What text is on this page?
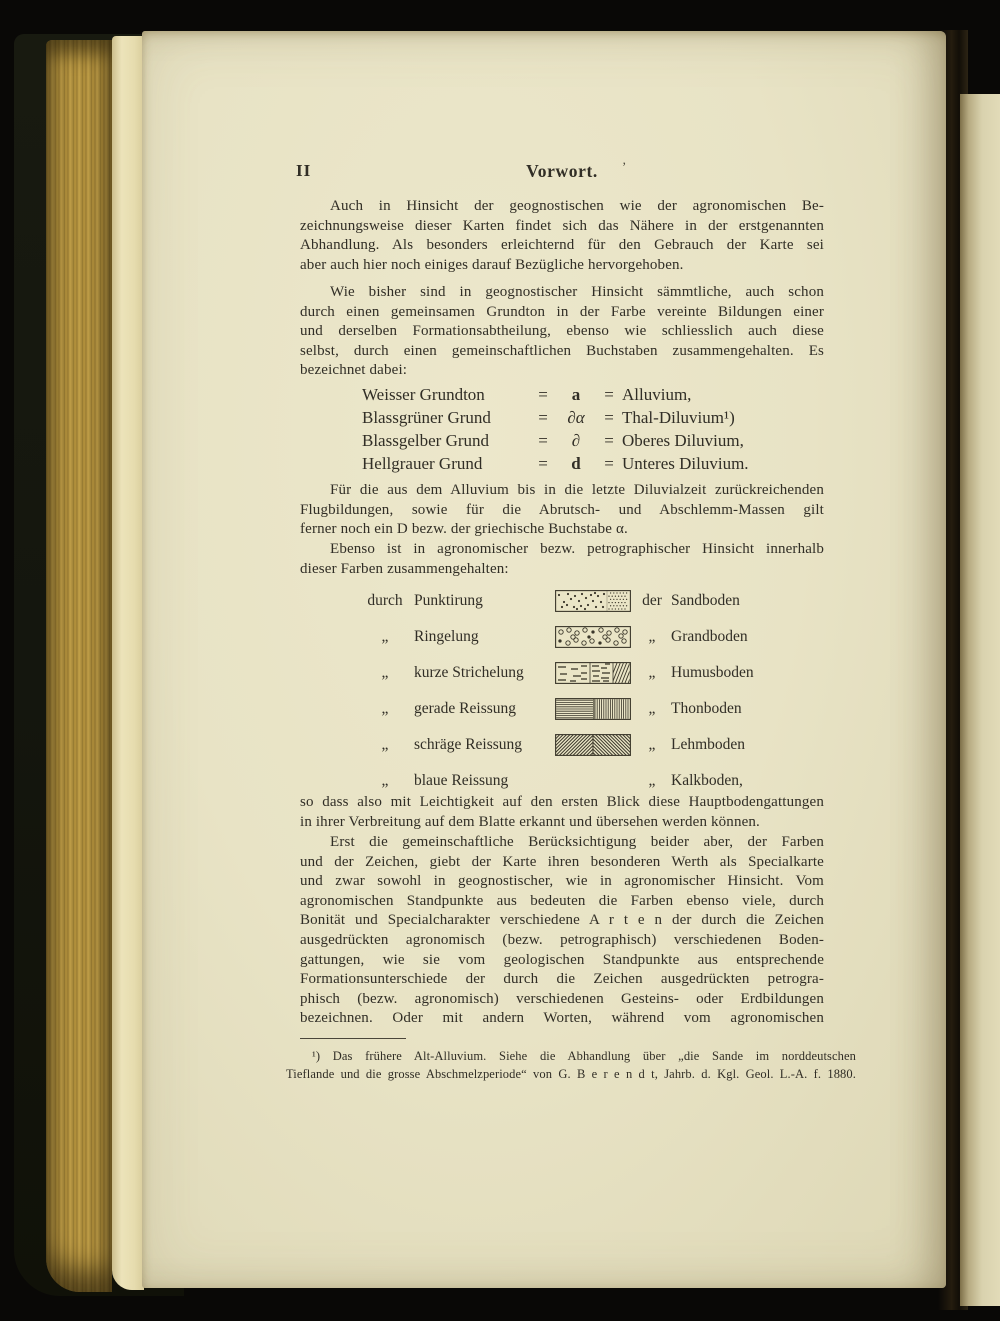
II	Vorwort.	’
Auch in Hinsicht der geognostischen wie der agronomischen Be-
zeichnungsweise dieser Karten findet sich das Nähere in der erstgenannten
Abhandlung. Als besonders erleichternd für den Gebrauch der Karte sei
aber auch hier noch einiges darauf Bezügliche hervorgehoben.
Wie bisher sind in geognostischer Hinsicht sämmtliche, auch schon
durch einen gemeinsamen Grundton in der Farbe vereinte Bildungen einer
und derselben Formationsabtheilung, ebenso wie schliesslich auch diese
selbst, durch einen gemeinschaftlichen Buchstaben zusammengehalten. Es
bezeichnet dabei:
Weisser Grundton	=	a	= Alluvium,
Blassgrüner Grund	=	∂α	= Thal-Diluvium¹)
Blassgelber Grund	=	∂	= Oberes Diluvium,
Hellgrauer Grund	=	d	= Unteres Diluvium.
Für die aus dem Alluvium bis in die letzte Diluvialzeit zurückreichenden
Flugbildungen, sowie für die Abrutsch- und Abschlemm-Massen gilt
ferner noch ein D bezw. der griechische Buchstabe α.
Ebenso ist in agronomischer bezw. petrographischer Hinsicht innerhalb
dieser Farben zusammengehalten:
durch Punktirung	der Sandboden
„	Ringelung	„	Grandboden
„	kurze Strichelung	„	Humusboden
„	gerade Reissung	„	Thonboden
„	schräge Reissung	„	Lehmboden
„	blaue Reissung	„	Kalkboden,
so dass also mit Leichtigkeit auf den ersten Blick diese Hauptbodengattungen
in ihrer Verbreitung auf dem Blatte erkannt und übersehen werden können.
Erst die gemeinschaftliche Berücksichtigung beider aber, der Farben
und der Zeichen, giebt der Karte ihren besonderen Werth als Specialkarte
und zwar sowohl in geognostischer, wie in agronomischer Hinsicht. Vom
agronomischen Standpunkte aus bedeuten die Farben ebenso viele, durch
Bonität und Specialcharakter verschiedene A r t e n der durch die Zeichen
ausgedrückten agronomisch (bezw. petrographisch) verschiedenen Boden-
gattungen, wie sie vom geologischen Standpunkte aus entsprechende
Formationsunterschiede der durch die Zeichen ausgedrückten petrogra-
phisch (bezw. agronomisch) verschiedenen Gesteins- oder Erdbildungen
bezeichnen. Oder mit andern Worten, während vom agronomischen
¹) Das frühere Alt-Alluvium. Siehe die Abhandlung über „die Sande im norddeutschen
Tieflande und die grosse Abschmelzperiode“ von G. B e r e n d t, Jahrb. d. Kgl. Geol. L.-A. f. 1880.
